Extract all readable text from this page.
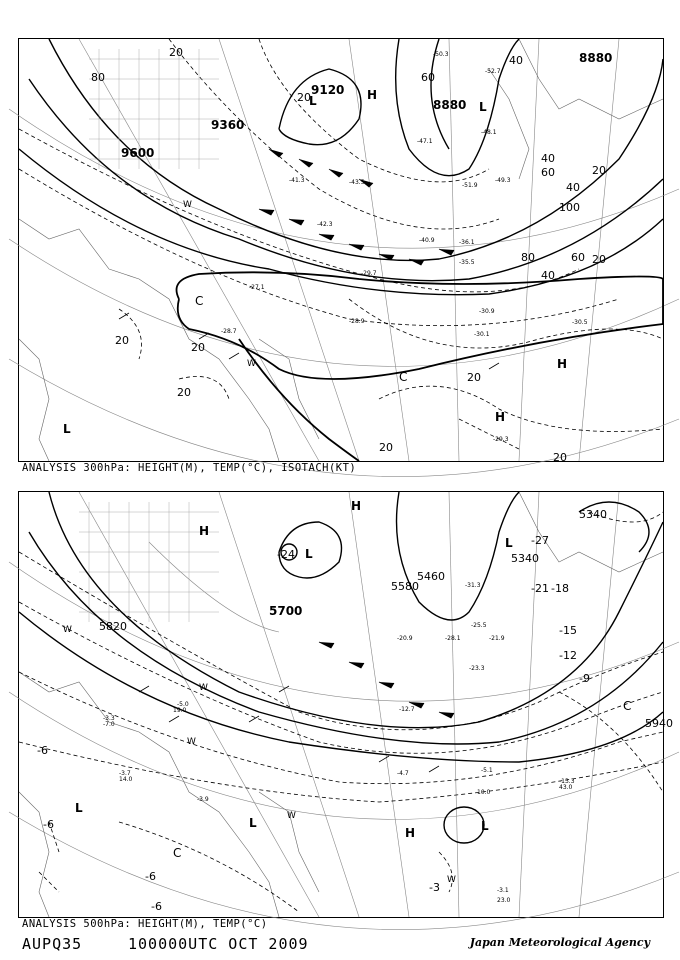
9120
8880
9360
9600
8880
20
20
20
20
20
20
20
20
20
20
40
40
40
40
60
60
60
80
80
100
-28.9
-29.7
-30.1
-30.5
-35.5
-36.1
-40.9
-43.5
-47.1
-48.1
-49.3
-50.3
-51.9
-52.7
-41.3
-42.3
-28.7
-27.1
-29.3
-30.9
H
L
H
L
H
C
C
W
W
L
ANALYSIS 300hPa: HEIGHT(M), TEMP(°C), ISOTACH(KT)
5700
5820
5340
5340
5940
5580
5460
-24
-21 -18
-15
-12
-9
-6
-6
-6
-6
-3
-27
-3.3
-7.0
-5.0
-3.7	-4.7
-3.9
-5.1
-3.1
23.0
14.0
43.0
19.0
10.0
-13.3
-12.7
-21.9
-23.3
-20.9	-28.1
-31.3
-25.5
H
H
L
L
H	L
L
C
C
W
W
W
W
W
L
ANALYSIS 500hPa: HEIGHT(M), TEMP(°C)
AUPQ35	100000UTC OCT 2009	Japan Meteorological Agency
